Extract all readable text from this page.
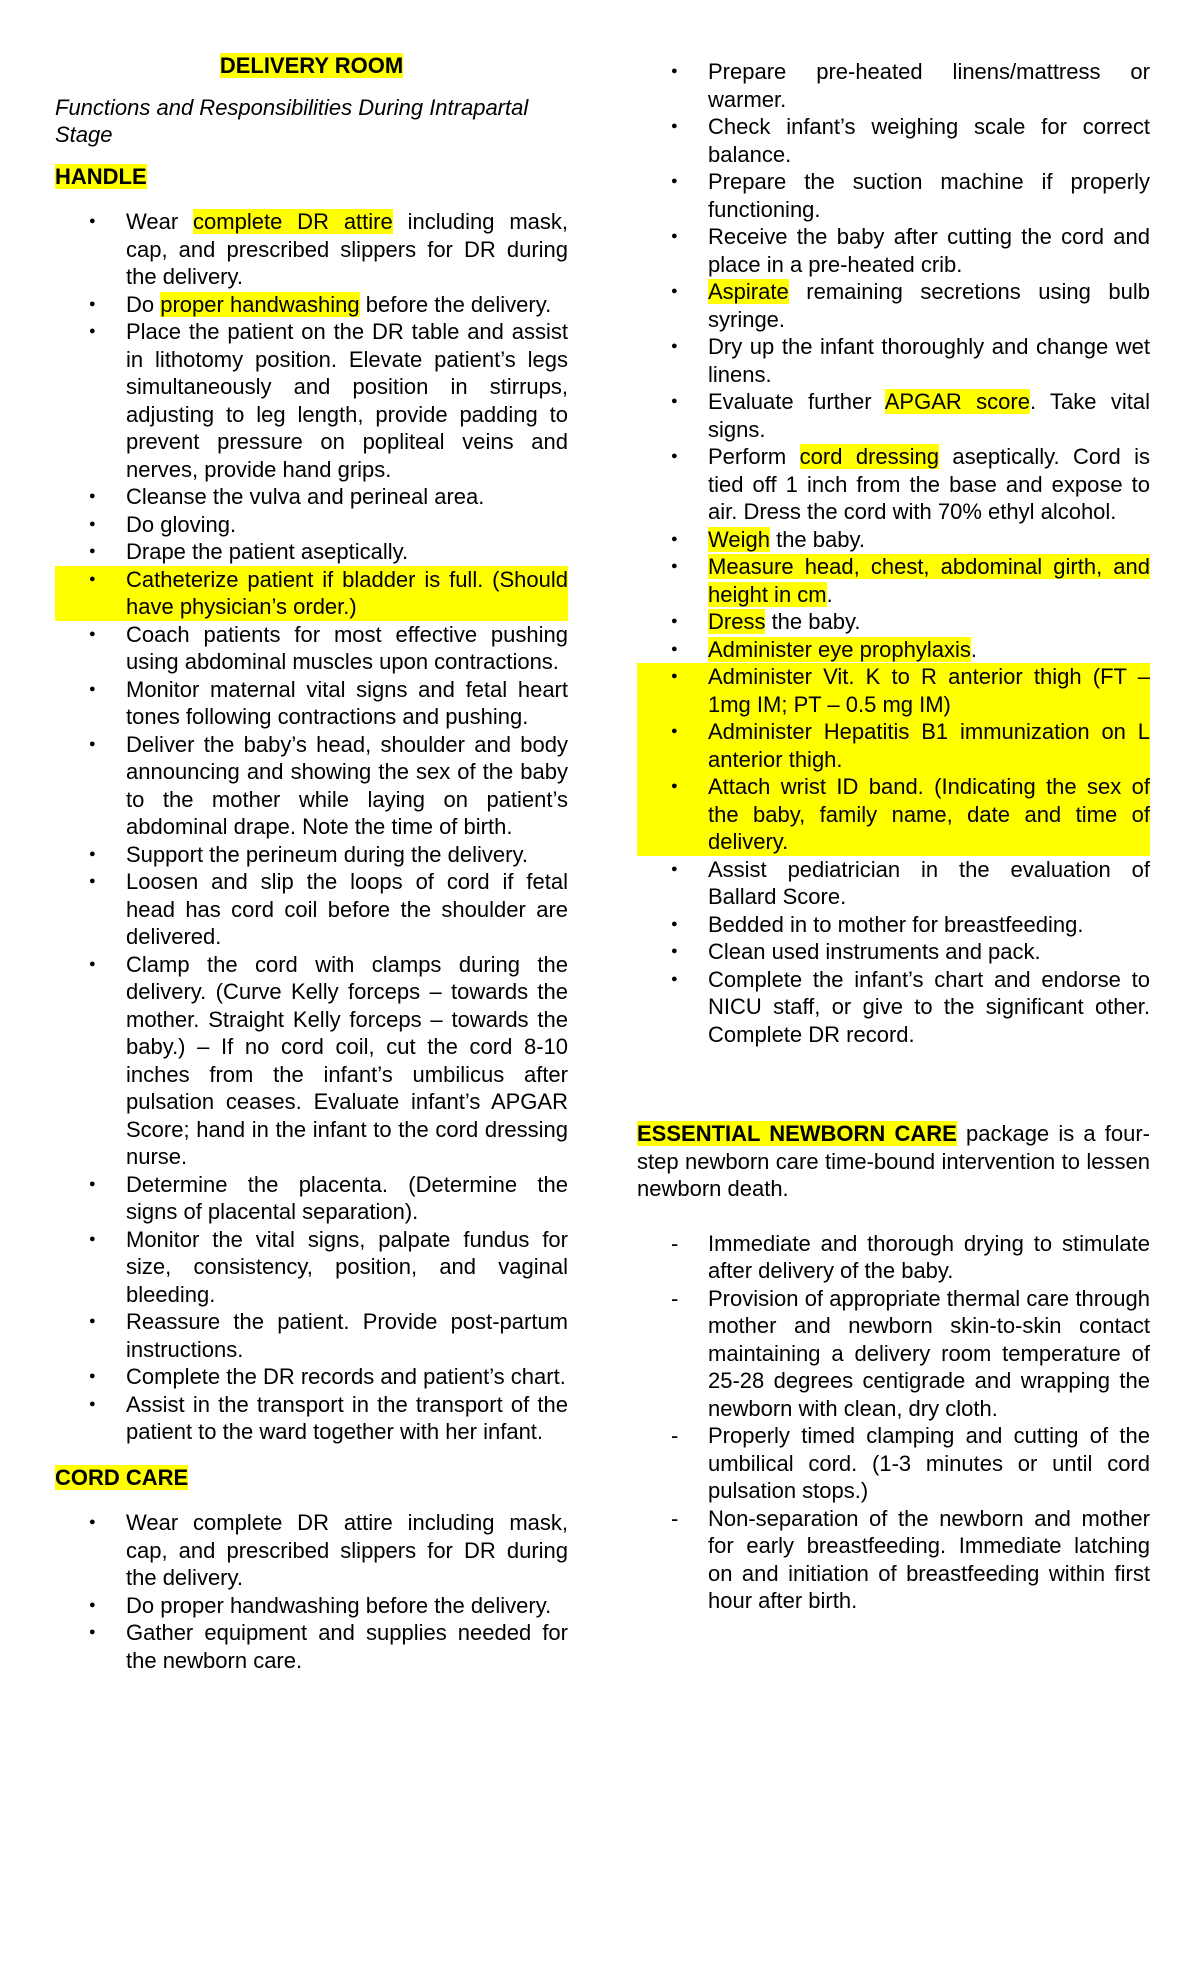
DELIVERY ROOM
Functions and Responsibilities During Intrapartal Stage
HANDLE
● Wear complete DR attire including mask, cap, and prescribed slippers for DR during the delivery.
● Do proper handwashing before the delivery.
● Place the patient on the DR table and assist in lithotomy position. Elevate patient’s legs simultaneously and position in stirrups, adjusting to leg length, provide padding to prevent pressure on popliteal veins and nerves, provide hand grips.
● Cleanse the vulva and perineal area.
● Do gloving.
● Drape the patient aseptically.
● Catheterize patient if bladder is full. (Should have physician’s order.)
● Coach patients for most effective pushing using abdominal muscles upon contractions.
● Monitor maternal vital signs and fetal heart tones following contractions and pushing.
● Deliver the baby’s head, shoulder and body announcing and showing the sex of the baby to the mother while laying on patient’s abdominal drape. Note the time of birth.
● Support the perineum during the delivery.
● Loosen and slip the loops of cord if fetal head has cord coil before the shoulder are delivered.
● Clamp the cord with clamps during the delivery. (Curve Kelly forceps – towards the mother. Straight Kelly forceps – towards the baby.) – If no cord coil, cut the cord 8-10 inches from the infant’s umbilicus after pulsation ceases. Evaluate infant’s APGAR Score; hand in the infant to the cord dressing nurse.
● Determine the placenta. (Determine the signs of placental separation).
● Monitor the vital signs, palpate fundus for size, consistency, position, and vaginal bleeding.
● Reassure the patient. Provide post-partum instructions.
● Complete the DR records and patient’s chart.
● Assist in the transport in the transport of the patient to the ward together with her infant.
CORD CARE
● Wear complete DR attire including mask, cap, and prescribed slippers for DR during the delivery.
● Do proper handwashing before the delivery.
● Gather equipment and supplies needed for the newborn care.
● Prepare pre-heated linens/mattress or warmer.
● Check infant’s weighing scale for correct balance.
● Prepare the suction machine if properly functioning.
● Receive the baby after cutting the cord and place in a pre-heated crib.
● Aspirate remaining secretions using bulb syringe.
● Dry up the infant thoroughly and change wet linens.
● Evaluate further APGAR score. Take vital signs.
● Perform cord dressing aseptically. Cord is tied off 1 inch from the base and expose to air. Dress the cord with 70% ethyl alcohol.
● Weigh the baby.
● Measure head, chest, abdominal girth, and height in cm.
● Dress the baby.
● Administer eye prophylaxis.
● Administer Vit. K to R anterior thigh (FT – 1mg IM; PT – 0.5 mg IM)
● Administer Hepatitis B1 immunization on L anterior thigh.
● Attach wrist ID band. (Indicating the sex of the baby, family name, date and time of delivery.
● Assist pediatrician in the evaluation of Ballard Score.
● Bedded in to mother for breastfeeding.
● Clean used instruments and pack.
● Complete the infant’s chart and endorse to NICU staff, or give to the significant other. Complete DR record.
ESSENTIAL NEWBORN CARE package is a four-step newborn care time-bound intervention to lessen newborn death.
- Immediate and thorough drying to stimulate after delivery of the baby.
- Provision of appropriate thermal care through mother and newborn skin-to-skin contact maintaining a delivery room temperature of 25-28 degrees centigrade and wrapping the newborn with clean, dry cloth.
- Properly timed clamping and cutting of the umbilical cord. (1-3 minutes or until cord pulsation stops.)
- Non-separation of the newborn and mother for early breastfeeding. Immediate latching on and initiation of breastfeeding within first hour after birth.
